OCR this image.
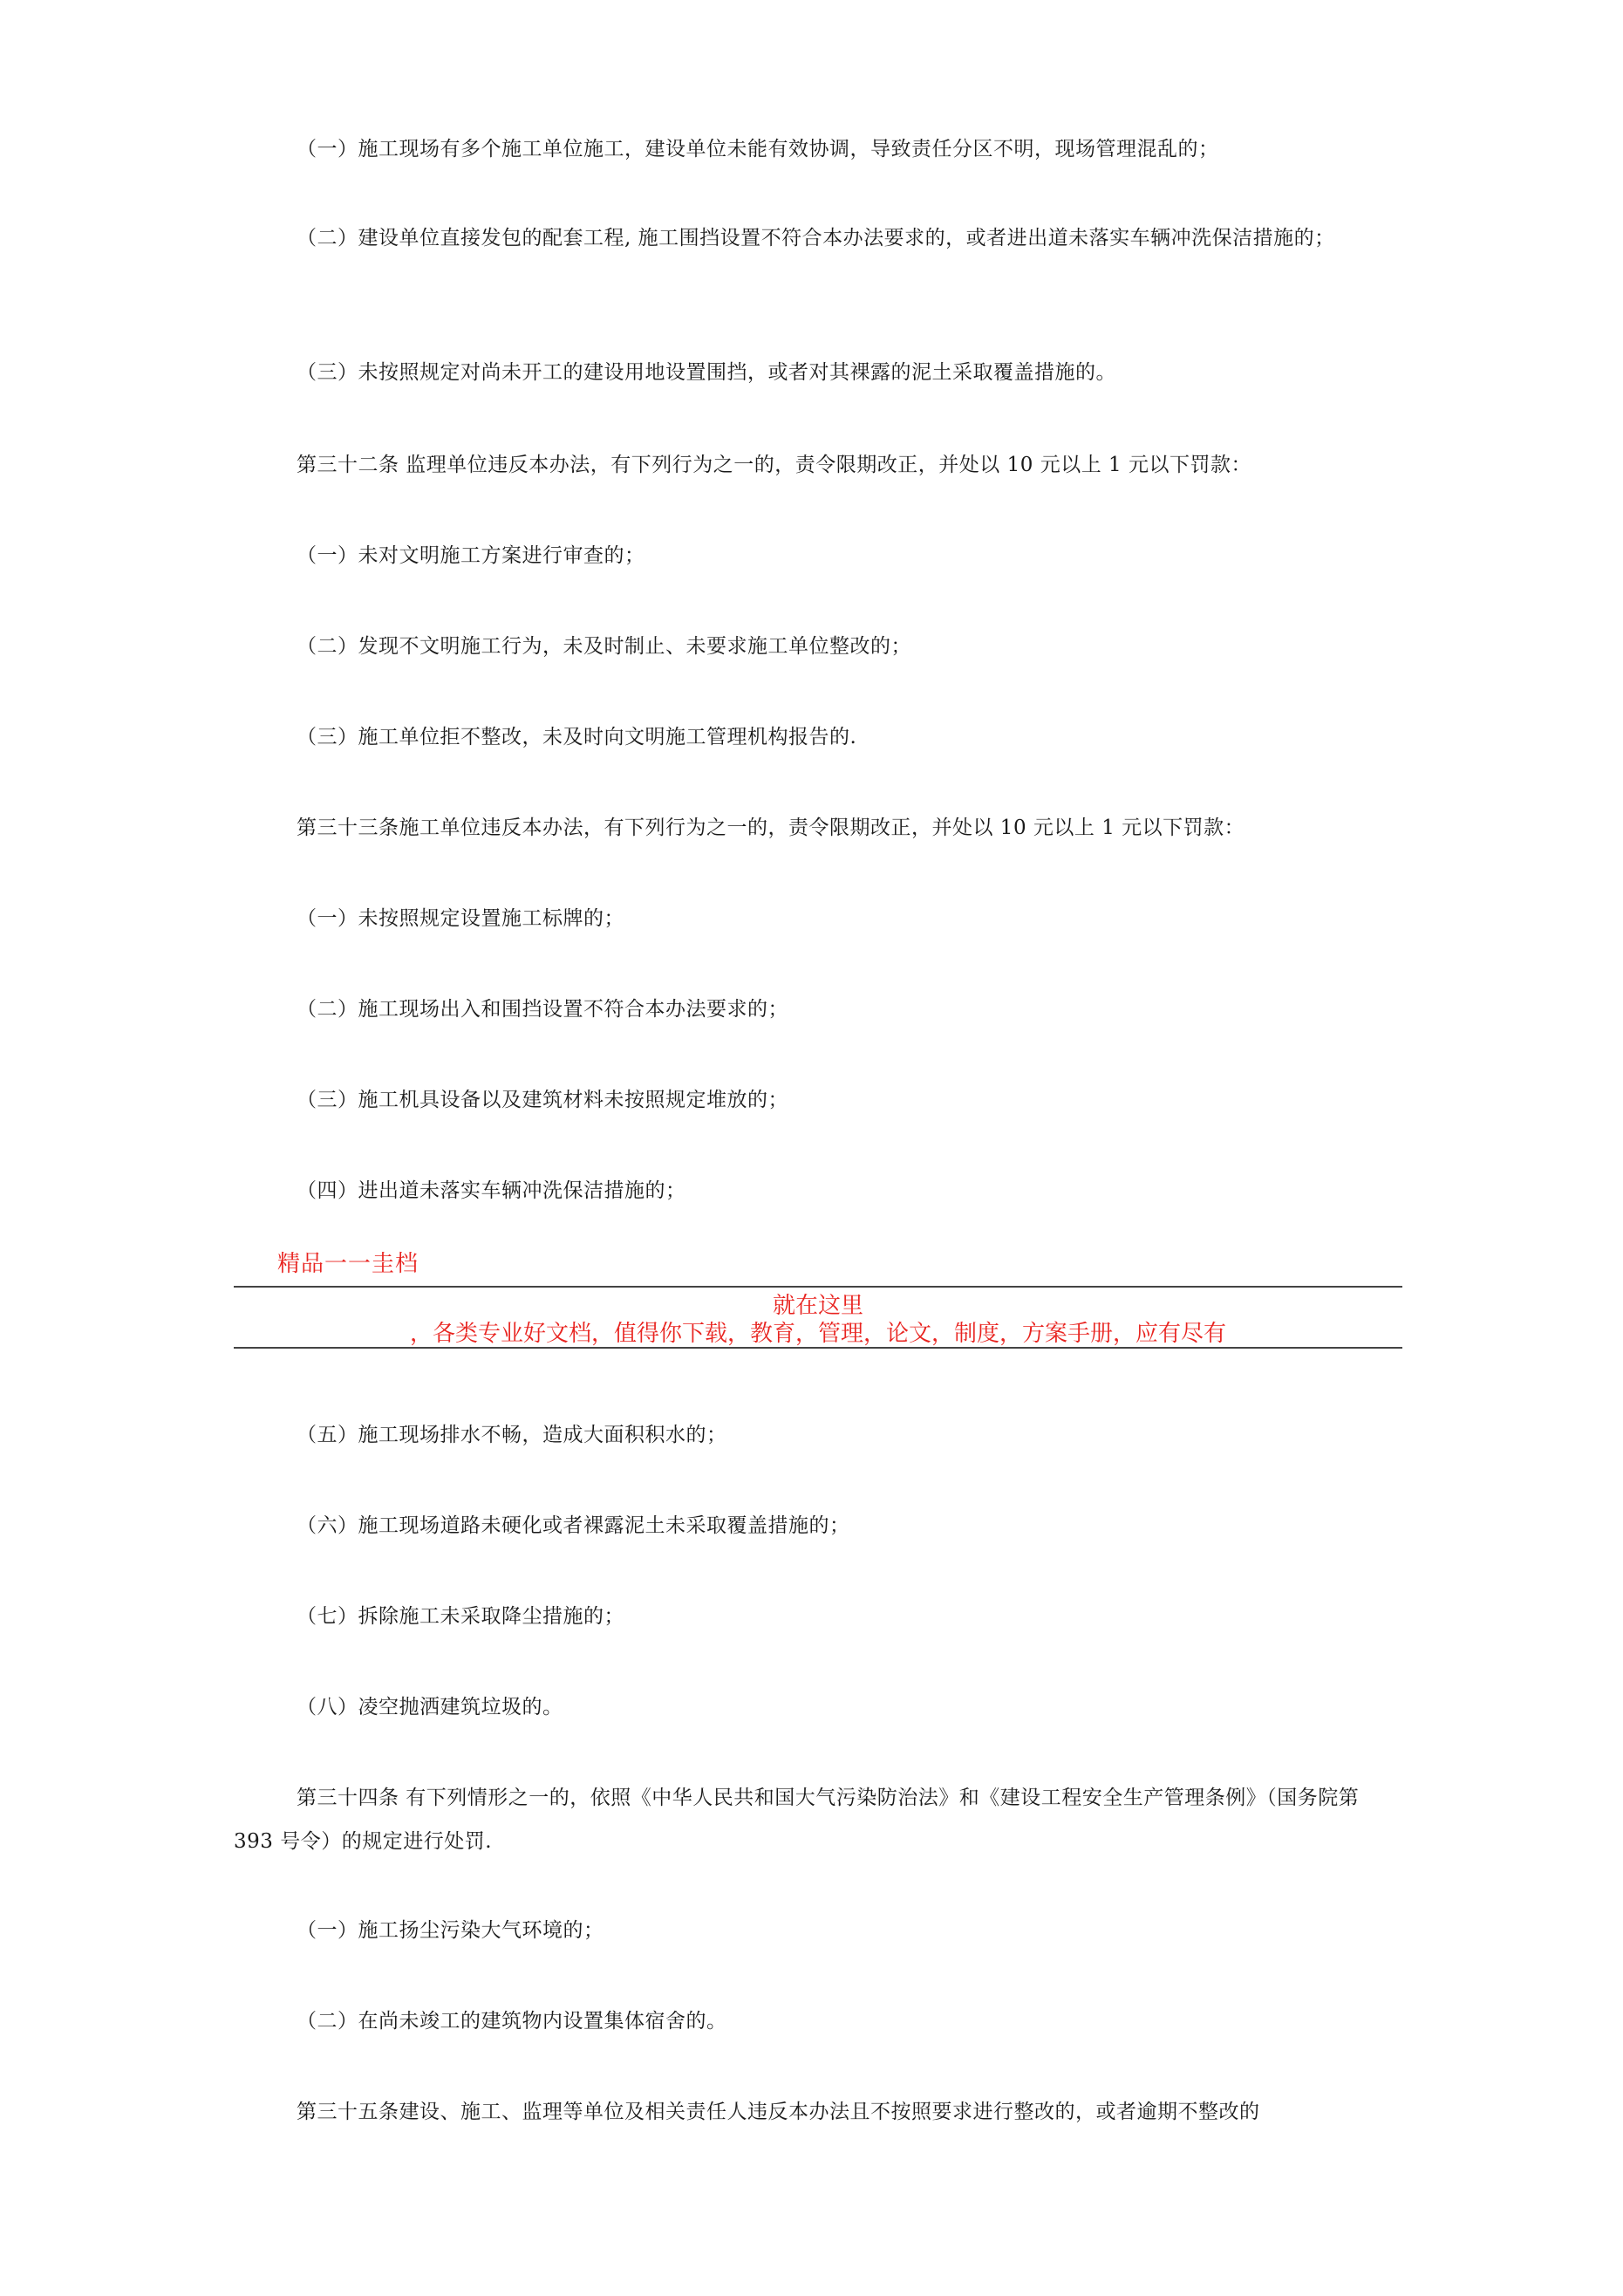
（一）施工现场有多个施工单位施工，建设单位未能有效协调，导致责任分区不明，现场管理混乱的；

（二）建设单位直接发包的配套工程, 施工围挡设置不符合本办法要求的，或者进出道未落实车辆冲洗保洁措施的；

（三）未按照规定对尚未开工的建设用地设置围挡，或者对其裸露的泥土采取覆盖措施的。

第三十二条 监理单位违反本办法，有下列行为之一的，责令限期改正，并处以 10 元以上 1 元以下罚款：

（一）未对文明施工方案进行审查的；

（二）发现不文明施工行为，未及时制止、未要求施工单位整改的；

（三）施工单位拒不整改，未及时向文明施工管理机构报告的.

第三十三条施工单位违反本办法，有下列行为之一的，责令限期改正，并处以 10 元以上 1 元以下罚款：

（一）未按照规定设置施工标牌的；

（二）施工现场出入和围挡设置不符合本办法要求的；

（三）施工机具设备以及建筑材料未按照规定堆放的；

（四）进出道未落实车辆冲洗保洁措施的；

精品一一圭档
就在这里
，各类专业好文档，值得你下载，教育，管理，论文，制度，方案手册，应有尽有

（五）施工现场排水不畅，造成大面积积水的；

（六）施工现场道路未硬化或者裸露泥土未采取覆盖措施的；

（七）拆除施工未采取降尘措施的；

（八）凌空抛洒建筑垃圾的。

第三十四条 有下列情形之一的，依照《中华人民共和国大气污染防治法》和《建设工程安全生产管理条例》（国务院第 393 号令）的规定进行处罚.

（一）施工扬尘污染大气环境的；

（二）在尚未竣工的建筑物内设置集体宿舍的。

第三十五条建设、施工、监理等单位及相关责任人违反本办法且不按照要求进行整改的，或者逾期不整改的
